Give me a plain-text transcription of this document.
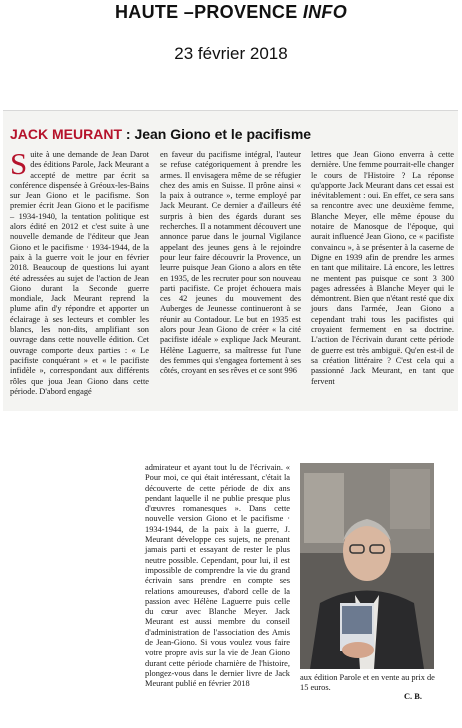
HAUTE –PROVENCE INFO
23 février 2018
JACK MEURANT : Jean Giono et le pacifisme
S uite à une demande de Jean Darot des éditions Parole, Jack Meurant a accepté de mettre par écrit sa conférence dispensée à Gréoux-les-Bains sur Jean Giono et le pacifisme. Son premier écrit Jean Giono et le pacifisme – 1934-1940, la tentation politique est alors édité en 2012 et c'est suite à une nouvelle demande de l'éditeur que Jean Giono et le pacifisme · 1934-1944, de la paix à la guerre voit le jour en février 2018. Beaucoup de questions lui ayant été adressées au sujet de l'action de Jean Giono durant la Seconde guerre mondiale, Jack Meurant reprend la plume afin d'y répondre et apporter un éclairage à ses lecteurs et combler les blancs, les non-dits, amplifiant son ouvrage dans cette nouvelle édition. Cet ouvrage comporte deux parties : « Le pacifiste conquérant » et « le pacifiste infidèle », correspondant aux différents rôles que joua Jean Giono dans cette période. D'abord engagé
en faveur du pacifisme intégral, l'auteur se refuse catégoriquement à prendre les armes. Il envisagera même de se réfugier chez des amis en Suisse. Il prône ainsi « la paix à outrance », terme employé par Jack Meurant. Ce dernier a d'ailleurs été surpris à bien des égards durant ses recherches. Il a notamment découvert une annonce parue dans le journal Vigilance appelant des jeunes gens à le rejoindre pour leur faire découvrir la Provence, un leurre puisque Jean Giono a alors en tête en 1935, de les recruter pour son nouveau parti pacifiste. Ce projet échouera mais ces 42 jeunes du mouvement des Auberges de Jeunesse continueront à se réunir au Contadour. Le but en 1935 est alors pour Jean Giono de créer « la cité pacifiste idéale » explique Jack Meurant. Hélène Laguerre, sa maîtresse fut l'une des femmes qui s'engagea fortement à ses côtés, croyant en ses rêves et ce sont 996
lettres que Jean Giono enverra à cette dernière. Une femme pourrait-elle changer le cours de l'Histoire ? La réponse qu'apporte Jack Meurant dans cet essai est inévitablement : oui. En effet, ce sera sans sa rencontre avec une deuxième femme, Blanche Meyer, elle même épouse du notaire de Manosque de l'époque, qui aurait influencé Jean Giono, ce « pacifiste convaincu », à se présenter à la caserne de Digne en 1939 afin de prendre les armes en tant que militaire. Là encore, les lettres ne mentent pas puisque ce sont 3 300 pages adressées à Blanche Meyer qui le démontrent. Bien que n'étant resté que dix jours dans l'armée, Jean Giono a cependant trahi tous les pacifistes qui croyaient fermement en sa doctrine. L'action de l'écrivain durant cette période de guerre est très ambiguë. Qu'en est-il de sa création littéraire ? C'est cela qui a passionné Jack Meurant, en tant que fervent
admirateur et ayant tout lu de l'écrivain. « Pour moi, ce qui était intéressant, c'était la découverte de cette période de dix ans pendant laquelle il ne publie presque plus d'œuvres romanesques ». Dans cette nouvelle version Giono et le pacifisme · 1934-1944, de la paix à la guerre, J. Meurant développe ces sujets, ne prenant jamais parti et essayant de rester le plus neutre possible. Cependant, pour lui, il est impossible de comprendre la vie du grand écrivain sans prendre en compte ses relations amoureuses, d'abord celle de la passion avec Hélène Laguerre puis celle du cœur avec Blanche Meyer. Jack Meurant est aussi membre du conseil d'administration de l'association des Amis de Jean-Giono. Si vous voulez vous faire votre propre avis sur la vie de Jean Giono durant cette période charnière de l'histoire, plongez-vous dans le dernier livre de Jack Meurant publié en février 2018
aux édition Parole et en vente au prix de 15 euros.
C. B.
